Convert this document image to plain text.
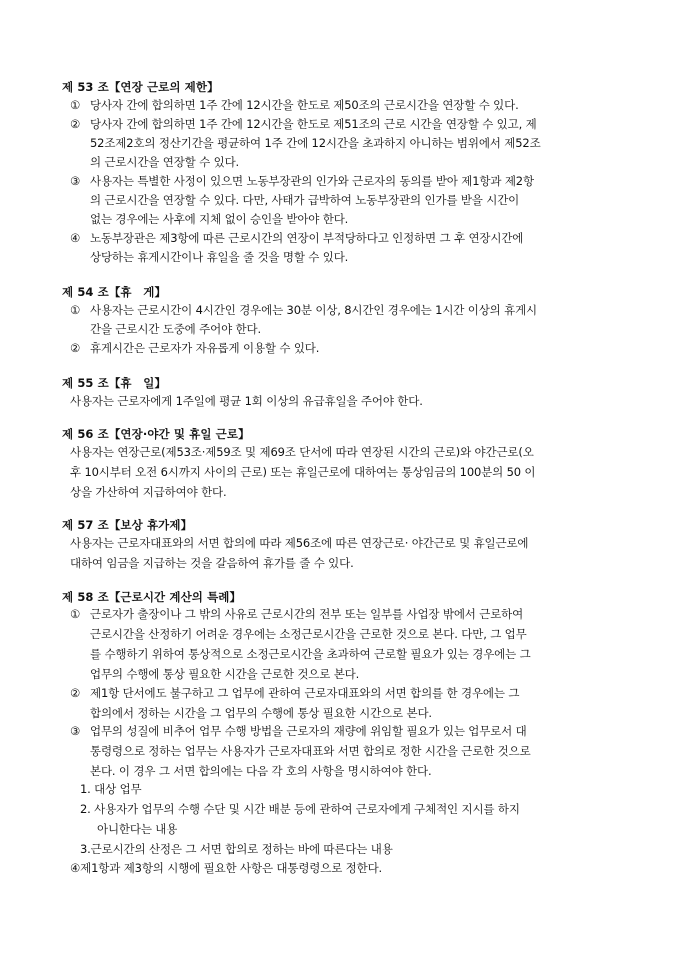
제 53 조【연장 근로의 제한】
① 당사자 간에 합의하면 1주 간에 12시간을 한도로 제50조의 근로시간을 연장할 수 있다.
② 당사자 간에 합의하면 1주 간에 12시간을 한도로 제51조의 근로 시간을 연장할 수 있고, 제
52조제2호의 정산기간을 평균하여 1주 간에 12시간을 초과하지 아니하는 범위에서 제52조
의 근로시간을 연장할 수 있다.
③ 사용자는 특별한 사정이 있으면 노동부장관의 인가와 근로자의 동의를 받아 제1항과 제2항
의 근로시간을 연장할 수 있다. 다만, 사태가 급박하여 노동부장관의 인가를 받을 시간이
없는 경우에는 사후에 지체 없이 승인을 받아야 한다.
④ 노동부장관은 제3항에 따른 근로시간의 연장이 부적당하다고 인정하면 그 후 연장시간에
상당하는 휴게시간이나 휴일을 줄 것을 명할 수 있다.
제 54 조【휴　게】
① 사용자는 근로시간이 4시간인 경우에는 30분 이상, 8시간인 경우에는 1시간 이상의 휴게시
간을 근로시간 도중에 주어야 한다.
② 휴게시간은 근로자가 자유롭게 이용할 수 있다.
제 55 조【휴　일】
사용자는 근로자에게 1주일에 평균 1회 이상의 유급휴일을 주어야 한다.
제 56 조【연장·야간 및 휴일 근로】
사용자는 연장근로(제53조·제59조 및 제69조 단서에 따라 연장된 시간의 근로)와 야간근로(오
후 10시부터 오전 6시까지 사이의 근로) 또는 휴일근로에 대하여는 통상임금의 100분의 50 이
상을 가산하여 지급하여야 한다.
제 57 조【보상 휴가제】
사용자는 근로자대표와의 서면 합의에 따라 제56조에 따른 연장근로· 야간근로 및 휴일근로에
대하여 임금을 지급하는 것을 갈음하여 휴가를 줄 수 있다.
제 58 조【근로시간 계산의 특례】
① 근로자가 출장이나 그 밖의 사유로 근로시간의 전부 또는 일부를 사업장 밖에서 근로하여
근로시간을 산정하기 어려운 경우에는 소정근로시간을 근로한 것으로 본다. 다만, 그 업무
를 수행하기 위하여 통상적으로 소정근로시간을 초과하여 근로할 필요가 있는 경우에는 그
업무의 수행에 통상 필요한 시간을 근로한 것으로 본다.
② 제1항 단서에도 불구하고 그 업무에 관하여 근로자대표와의 서면 합의를 한 경우에는 그
합의에서 정하는 시간을 그 업무의 수행에 통상 필요한 시간으로 본다.
③ 업무의 성질에 비추어 업무 수행 방법을 근로자의 재량에 위임할 필요가 있는 업무로서 대
통령령으로 정하는 업무는 사용자가 근로자대표와 서면 합의로 정한 시간을 근로한 것으로
본다. 이 경우 그 서면 합의에는 다음 각 호의 사항을 명시하여야 한다.
1. 대상 업무
2. 사용자가 업무의 수행 수단 및 시간 배분 등에 관하여 근로자에게 구체적인 지시를 하지
아니한다는 내용
3.근로시간의 산정은 그 서면 합의로 정하는 바에 따른다는 내용
④제1항과 제3항의 시행에 필요한 사항은 대통령령으로 정한다.
